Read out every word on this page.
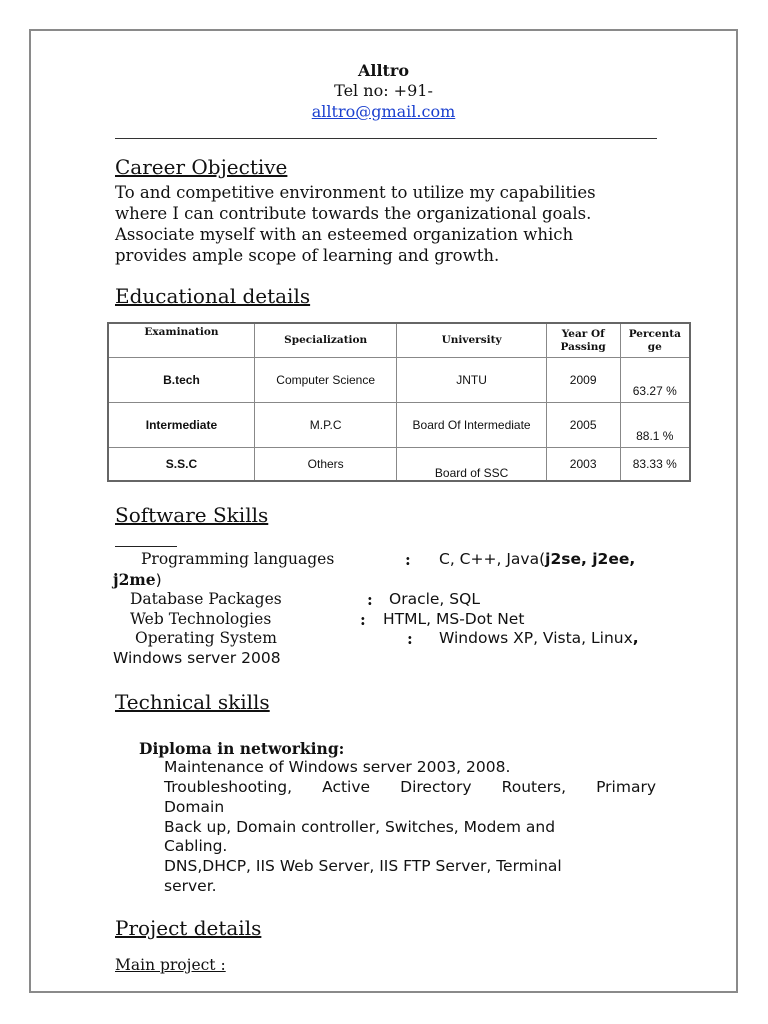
Alltro
Tel no: +91-
alltro@gmail.com
Career Objective
To and competitive environment to utilize my capabilities
where I can contribute towards the organizational goals.
Associate myself with an esteemed organization which
provides ample scope of learning and growth.
Educational details
Examination	Specialization	University	Year Of Passing	Percentage

B.tech	Computer Science	JNTU	2009	63.27 %
Intermediate	M.P.C	Board Of Intermediate	2005	88.1 %
S.S.C	Others	Board of SSC	2003	83.33 %
Software Skills
Programming languages	: C, C++, Java(j2se, j2ee,
j2me)
Database Packages	: Oracle, SQL
Web Technologies	: HTML, MS-Dot Net
Operating System	: Windows XP, Vista, Linux,
Windows server 2008
Technical skills
Diploma in networking:
Maintenance of Windows server 2003, 2008.
Troubleshooting, Active Directory Routers, Primary
Domain
Back up, Domain controller, Switches, Modem and
Cabling.
DNS,DHCP, IIS Web Server, IIS FTP Server, Terminal
server.
Project details
Main project :
